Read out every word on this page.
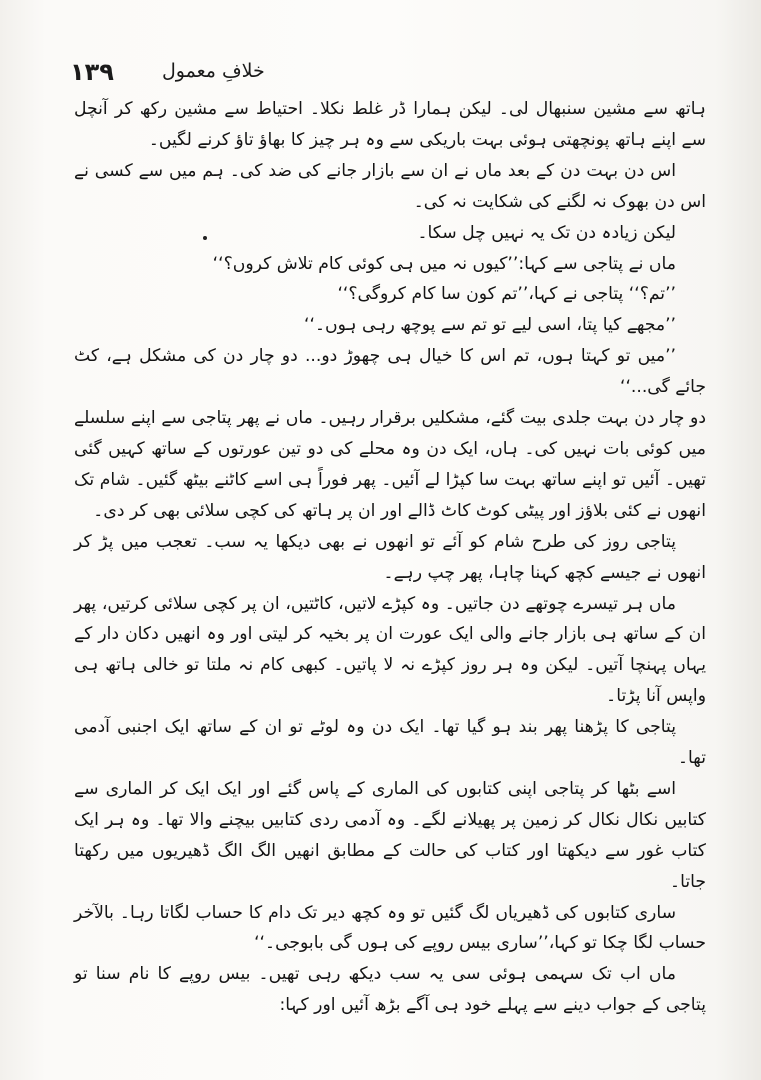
١٣٩	خلافِ معمول

ہاتھ سے مشین سنبھال لی۔ لیکن ہمارا ڈر غلط نکلا۔ احتیاط سے مشین رکھ کر آنچل سے اپنے ہاتھ پونچھتی ہوئی بہت باریکی سے وہ ہر چیز کا بھاؤ تاؤ کرنے لگیں۔

اس دن بہت دن کے بعد ماں نے ان سے بازار جانے کی ضد کی۔ ہم میں سے کسی نے اس دن بھوک نہ لگنے کی شکایت نہ کی۔

لیکن زیادہ دن تک یہ نہیں چل سکا۔

ماں نے پتاجی سے کہا:’’کیوں نہ میں ہی کوئی کام تلاش کروں؟‘‘

’’تم؟‘‘ پتاجی نے کہا،’’تم کون سا کام کروگی؟‘‘

’’مجھے کیا پتا، اسی لیے تو تم سے پوچھ رہی ہوں۔‘‘

’’میں تو کہتا ہوں، تم اس کا خیال ہی چھوڑ دو... دو چار دن کی مشکل ہے، کٹ جائے گی...‘‘

دو چار دن بہت جلدی بیت گئے، مشکلیں برقرار رہیں۔ ماں نے پھر پتاجی سے اپنے سلسلے میں کوئی بات نہیں کی۔ ہاں، ایک دن وہ محلے کی دو تین عورتوں کے ساتھ کہیں گئی تھیں۔ آئیں تو اپنے ساتھ بہت سا کپڑا لے آئیں۔ پھر فوراً ہی اسے کاٹنے بیٹھ گئیں۔ شام تک انھوں نے کئی بلاؤز اور پیٹی کوٹ کاٹ ڈالے اور ان پر ہاتھ کی کچی سلائی بھی کر دی۔

پتاجی روز کی طرح شام کو آئے تو انھوں نے بھی دیکھا یہ سب۔ تعجب میں پڑ کر انھوں نے جیسے کچھ کہنا چاہا، پھر چپ رہے۔

ماں ہر تیسرے چوتھے دن جاتیں۔ وہ کپڑے لاتیں، کاٹتیں، ان پر کچی سلائی کرتیں، پھر ان کے ساتھ ہی بازار جانے والی ایک عورت ان پر بخیہ کر لیتی اور وہ انھیں دکان دار کے یہاں پہنچا آتیں۔ لیکن وہ ہر روز کپڑے نہ لا پاتیں۔ کبھی کام نہ ملتا تو خالی ہاتھ ہی واپس آنا پڑتا۔

پتاجی کا پڑھنا پھر بند ہو گیا تھا۔ ایک دن وہ لوٹے تو ان کے ساتھ ایک اجنبی آدمی تھا۔

اسے بٹھا کر پتاجی اپنی کتابوں کی الماری کے پاس گئے اور ایک ایک کر الماری سے کتابیں نکال نکال کر زمین پر پھیلانے لگے۔ وہ آدمی ردی کتابیں بیچنے والا تھا۔ وہ ہر ایک کتاب غور سے دیکھتا اور کتاب کی حالت کے مطابق انھیں الگ الگ ڈھیریوں میں رکھتا جاتا۔

ساری کتابوں کی ڈھیریاں لگ گئیں تو وہ کچھ دیر تک دام کا حساب لگاتا رہا۔ بالآخر حساب لگا چکا تو کہا،’’ساری بیس روپے کی ہوں گی بابوجی۔‘‘

ماں اب تک سہمی ہوئی سی یہ سب دیکھ رہی تھیں۔ بیس روپے کا نام سنا تو پتاجی کے جواب دینے سے پہلے خود ہی آگے بڑھ آئیں اور کہا:
